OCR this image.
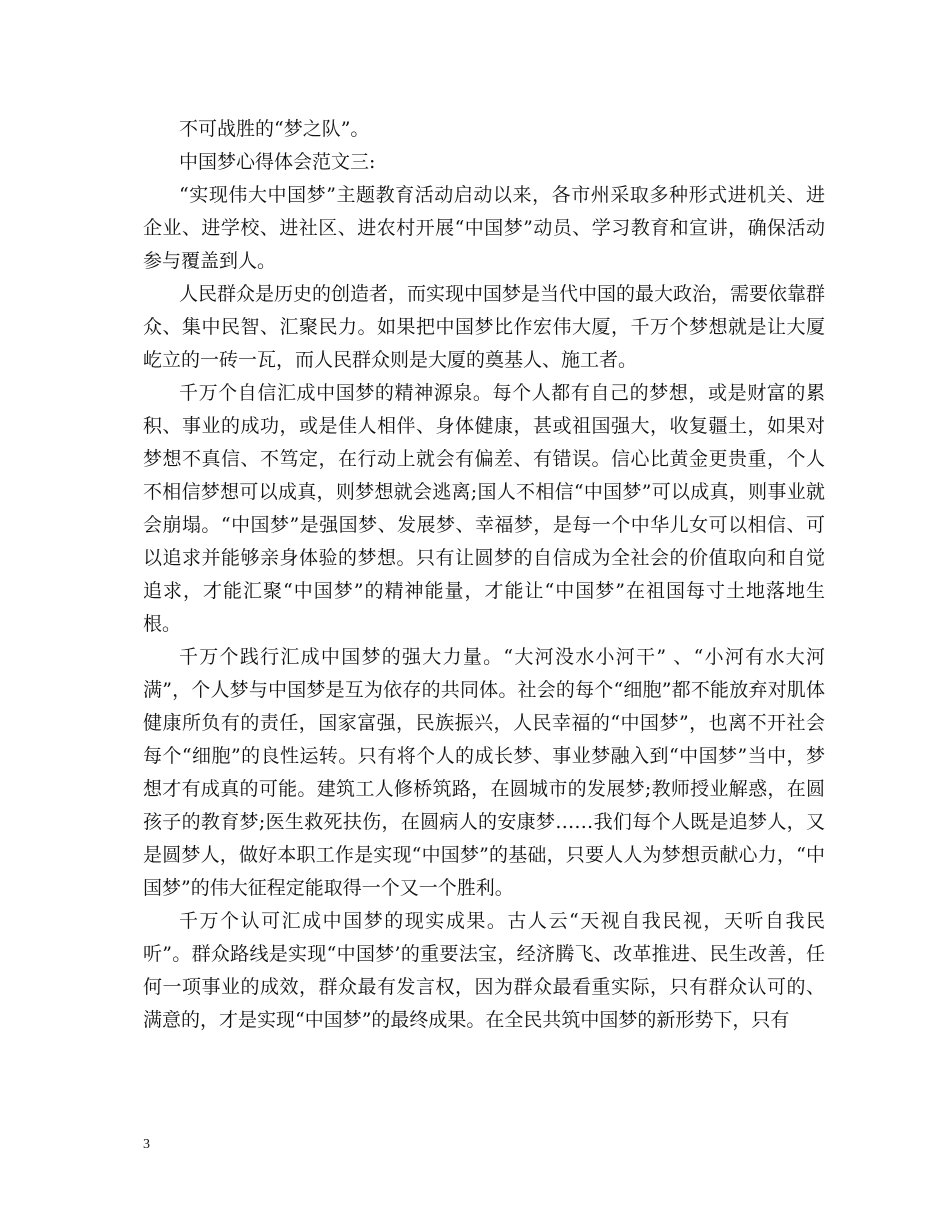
不可战胜的“梦之队”。

中国梦心得体会范文三:

“实现伟大中国梦”主题教育活动启动以来，各市州采取多种形式进机关、进企业、进学校、进社区、进农村开展“中国梦”动员、学习教育和宣讲，确保活动参与覆盖到人。

人民群众是历史的创造者，而实现中国梦是当代中国的最大政治，需要依靠群众、集中民智、汇聚民力。如果把中国梦比作宏伟大厦，千万个梦想就是让大厦屹立的一砖一瓦，而人民群众则是大厦的奠基人、施工者。

千万个自信汇成中国梦的精神源泉。每个人都有自己的梦想，或是财富的累积、事业的成功，或是佳人相伴、身体健康，甚或祖国强大，收复疆土，如果对梦想不真信、不笃定，在行动上就会有偏差、有错误。信心比黄金更贵重，个人不相信梦想可以成真，则梦想就会逃离;国人不相信“中国梦”可以成真，则事业就会崩塌。“中国梦”是强国梦、发展梦、幸福梦，是每一个中华儿女可以相信、可以追求并能够亲身体验的梦想。只有让圆梦的自信成为全社会的价值取向和自觉追求，才能汇聚“中国梦”的精神能量，才能让“中国梦”在祖国每寸土地落地生根。

千万个践行汇成中国梦的强大力量。“大河没水小河干” 、“小河有水大河满”，个人梦与中国梦是互为依存的共同体。社会的每个“细胞”都不能放弃对肌体健康所负有的责任，国家富强，民族振兴，人民幸福的“中国梦”，也离不开社会每个“细胞”的良性运转。只有将个人的成长梦、事业梦融入到“中国梦”当中，梦想才有成真的可能。建筑工人修桥筑路，在圆城市的发展梦;教师授业解惑，在圆孩子的教育梦;医生救死扶伤，在圆病人的安康梦……我们每个人既是追梦人，又是圆梦人，做好本职工作是实现“中国梦”的基础，只要人人为梦想贡献心力，“中国梦”的伟大征程定能取得一个又一个胜利。

千万个认可汇成中国梦的现实成果。古人云“天视自我民视，天听自我民听”。群众路线是实现“中国梦’的重要法宝，经济腾飞、改革推进、民生改善，任何一项事业的成效，群众最有发言权，因为群众最看重实际，只有群众认可的、满意的，才是实现“中国梦”的最终成果。在全民共筑中国梦的新形势下，只有

3
